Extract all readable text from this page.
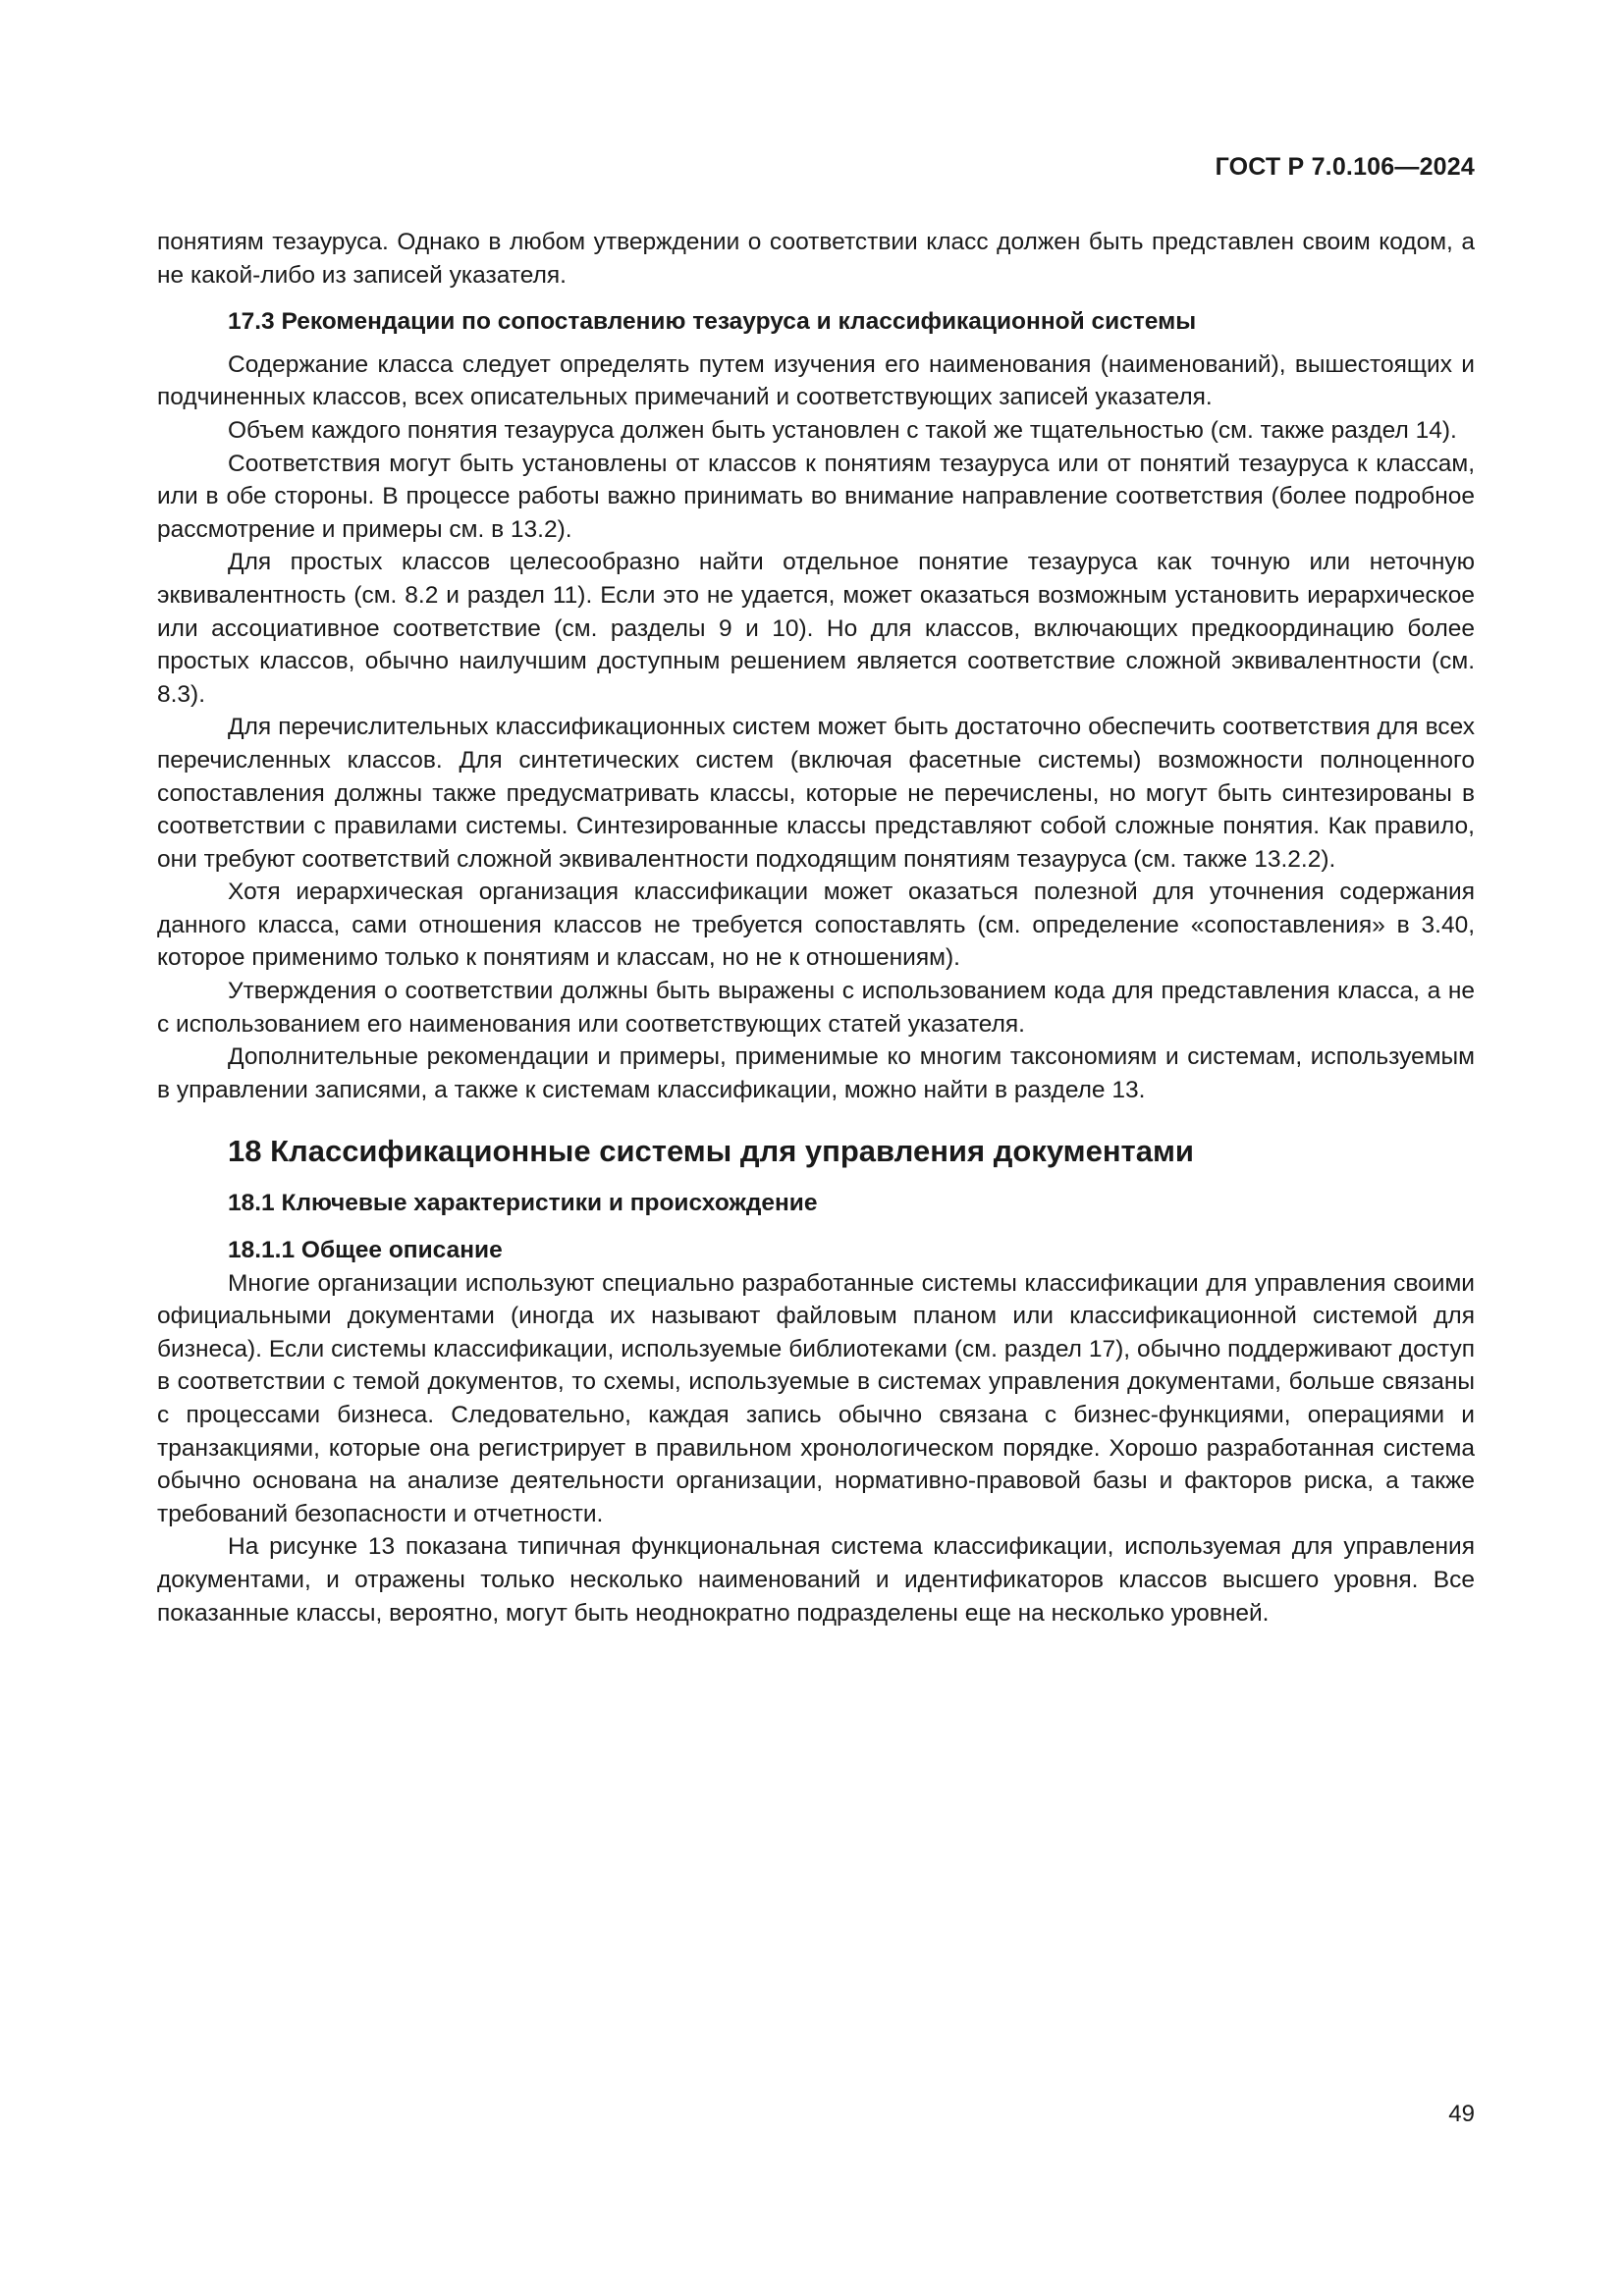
ГОСТ Р 7.0.106—2024

понятиям тезауруса. Однако в любом утверждении о соответствии класс должен быть представлен своим кодом, а не какой-либо из записей указателя.

17.3 Рекомендации по сопоставлению тезауруса и классификационной системы

Содержание класса следует определять путем изучения его наименования (наименований), вышестоящих и подчиненных классов, всех описательных примечаний и соответствующих записей указателя.

Объем каждого понятия тезауруса должен быть установлен с такой же тщательностью (см. также раздел 14).

Соответствия могут быть установлены от классов к понятиям тезауруса или от понятий тезауруса к классам, или в обе стороны. В процессе работы важно принимать во внимание направление соответствия (более подробное рассмотрение и примеры см. в 13.2).

Для простых классов целесообразно найти отдельное понятие тезауруса как точную или неточную эквивалентность (см. 8.2 и раздел 11). Если это не удается, может оказаться возможным установить иерархическое или ассоциативное соответствие (см. разделы 9 и 10). Но для классов, включающих предкоординацию более простых классов, обычно наилучшим доступным решением является соответствие сложной эквивалентности (см. 8.3).

Для перечислительных классификационных систем может быть достаточно обеспечить соответствия для всех перечисленных классов. Для синтетических систем (включая фасетные системы) возможности полноценного сопоставления должны также предусматривать классы, которые не перечислены, но могут быть синтезированы в соответствии с правилами системы. Синтезированные классы представляют собой сложные понятия. Как правило, они требуют соответствий сложной эквивалентности подходящим понятиям тезауруса (см. также 13.2.2).

Хотя иерархическая организация классификации может оказаться полезной для уточнения содержания данного класса, сами отношения классов не требуется сопоставлять (см. определение «сопоставления» в 3.40, которое применимо только к понятиям и классам, но не к отношениям).

Утверждения о соответствии должны быть выражены с использованием кода для представления класса, а не с использованием его наименования или соответствующих статей указателя.

Дополнительные рекомендации и примеры, применимые ко многим таксономиям и системам, используемым в управлении записями, а также к системам классификации, можно найти в разделе 13.

18 Классификационные системы для управления документами
18.1 Ключевые характеристики и происхождение
18.1.1 Общее описание

Многие организации используют специально разработанные системы классификации для управления своими официальными документами (иногда их называют файловым планом или классификационной системой для бизнеса). Если системы классификации, используемые библиотеками (см. раздел 17), обычно поддерживают доступ в соответствии с темой документов, то схемы, используемые в системах управления документами, больше связаны с процессами бизнеса. Следовательно, каждая запись обычно связана с бизнес-функциями, операциями и транзакциями, которые она регистрирует в правильном хронологическом порядке. Хорошо разработанная система обычно основана на анализе деятельности организации, нормативно-правовой базы и факторов риска, а также требований безопасности и отчетности.

На рисунке 13 показана типичная функциональная система классификации, используемая для управления документами, и отражены только несколько наименований и идентификаторов классов высшего уровня. Все показанные классы, вероятно, могут быть неоднократно подразделены еще на несколько уровней.

49
